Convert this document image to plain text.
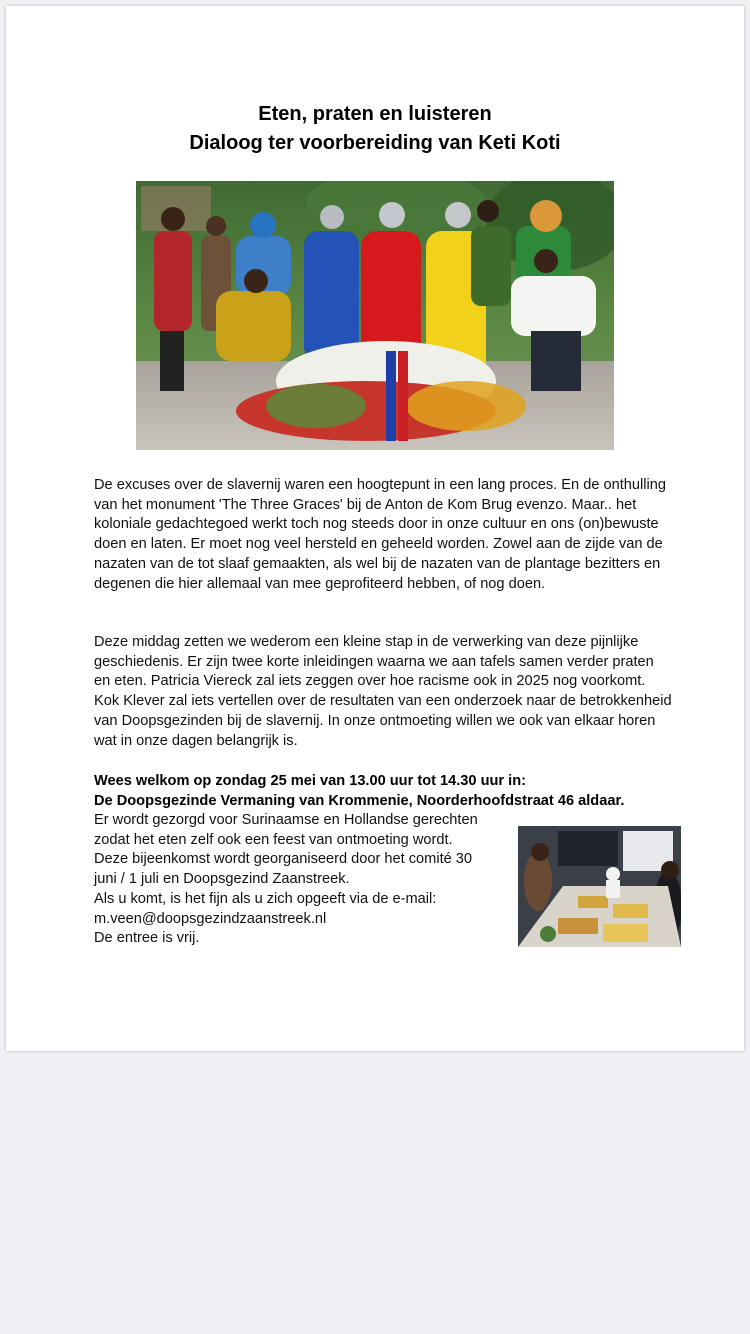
Eten, praten en luisteren
Dialoog ter voorbereiding van Keti Koti
De excuses over de slavernij waren een hoogtepunt in een lang proces. En de onthulling van het monument 'The Three Graces' bij de Anton de Kom Brug evenzo. Maar.. het koloniale gedachtegoed werkt toch nog steeds door in onze cultuur en ons (on)bewuste doen en laten. Er moet nog veel hersteld en geheeld worden. Zowel aan de zijde van de nazaten van de tot slaaf gemaakten, als wel bij de nazaten van de plantage bezitters en degenen die hier allemaal van mee geprofiteerd hebben, of nog doen.
Deze middag zetten we wederom een kleine stap in de verwerking van deze pijnlijke geschiedenis. Er zijn twee korte inleidingen waarna we aan tafels samen verder praten en eten. Patricia Viereck zal iets zeggen over hoe racisme ook in 2025 nog voorkomt. Kok Klever zal iets vertellen over de resultaten van een onderzoek naar de betrokkenheid van Doopsgezinden bij de slavernij. In onze ontmoeting willen we ook van elkaar horen wat in onze dagen belangrijk is.
Wees welkom op zondag 25 mei van 13.00 uur tot 14.30 uur in:
De Doopsgezinde Vermaning van Krommenie, Noorderhoofdstraat 46 aldaar.
Er wordt gezorgd voor Surinaamse en Hollandse gerechten
zodat het eten zelf ook een feest van ontmoeting wordt.
Deze bijeenkomst wordt georganiseerd door het comité 30
juni / 1 juli en Doopsgezind Zaanstreek.
Als u komt, is het fijn als u zich opgeeft via de e-mail:
m.veen@doopsgezindzaanstreek.nl
De entree is vrij.
